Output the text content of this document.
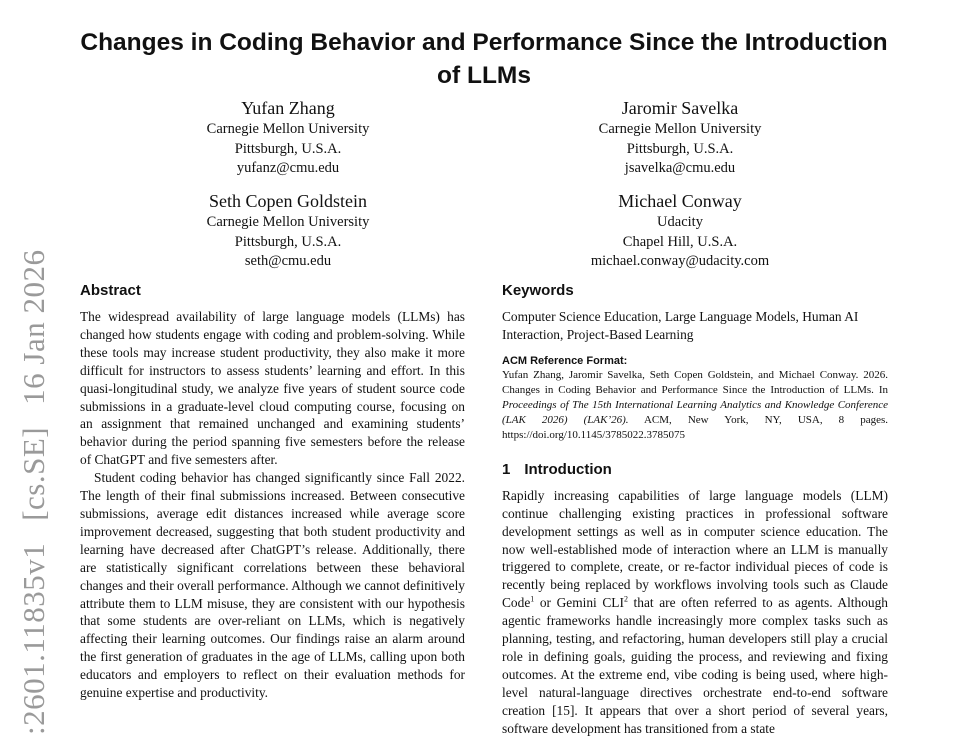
:2601.11835v1[cs.SE]16 Jan 2026
Changes in Coding Behavior and Performance Since the Introduction of LLMs
Yufan Zhang
Carnegie Mellon University
Pittsburgh, U.S.A.
yufanz@cmu.edu
Jaromir Savelka
Carnegie Mellon University
Pittsburgh, U.S.A.
jsavelka@cmu.edu
Seth Copen Goldstein
Carnegie Mellon University
Pittsburgh, U.S.A.
seth@cmu.edu
Michael Conway
Udacity
Chapel Hill, U.S.A.
michael.conway@udacity.com
Abstract

The widespread availability of large language models (LLMs) has changed how students engage with coding and problem-solving. While these tools may increase student productivity, they also make it more difficult for instructors to assess students’ learning and effort. In this quasi-longitudinal study, we analyze five years of student source code submissions in a graduate-level cloud computing course, focusing on an assignment that remained unchanged and examining students’ behavior during the period spanning five semesters before the release of ChatGPT and five semesters after.

Student coding behavior has changed significantly since Fall 2022. The length of their final submissions increased. Between consecutive submissions, average edit distances increased while average score improvement decreased, suggesting that both student productivity and learning have decreased after ChatGPT’s release. Additionally, there are statistically significant correlations between these behavioral changes and their overall performance. Although we cannot definitively attribute them to LLM misuse, they are consistent with our hypothesis that some students are over-reliant on LLMs, which is negatively affecting their learning outcomes. Our findings raise an alarm around the first generation of graduates in the age of LLMs, calling upon both educators and employers to reflect on their evaluation methods for genuine expertise and productivity.

Keywords

Computer Science Education, Large Language Models, Human AI Interaction, Project-Based Learning

ACM Reference Format:

Yufan Zhang, Jaromir Savelka, Seth Copen Goldstein, and Michael Conway. 2026. Changes in Coding Behavior and Performance Since the Introduction of LLMs. In Proceedings of The 15th International Learning Analytics and Knowledge Conference (LAK 2026) (LAK’26). ACM, New York, NY, USA, 8 pages. https://doi.org/10.1145/3785022.3785075

1 Introduction

Rapidly increasing capabilities of large language models (LLM) continue challenging existing practices in professional software development settings as well as in computer science education. The now well-established mode of interaction where an LLM is manually triggered to complete, create, or re-factor individual pieces of code is recently being replaced by workflows involving tools such as Claude Code$^1$ or Gemini CLI$^2$ that are often referred to as agents. Although agentic frameworks handle increasingly more complex tasks such as planning, testing, and refactoring, human developers still play a crucial role in defining goals, guiding the process, and reviewing and fixing outcomes. At the extreme end, vibe coding is being used, where high-level natural-language directives orchestrate end-to-end software creation [15]. It appears that over a short period of several years, software development has transitioned from a state
